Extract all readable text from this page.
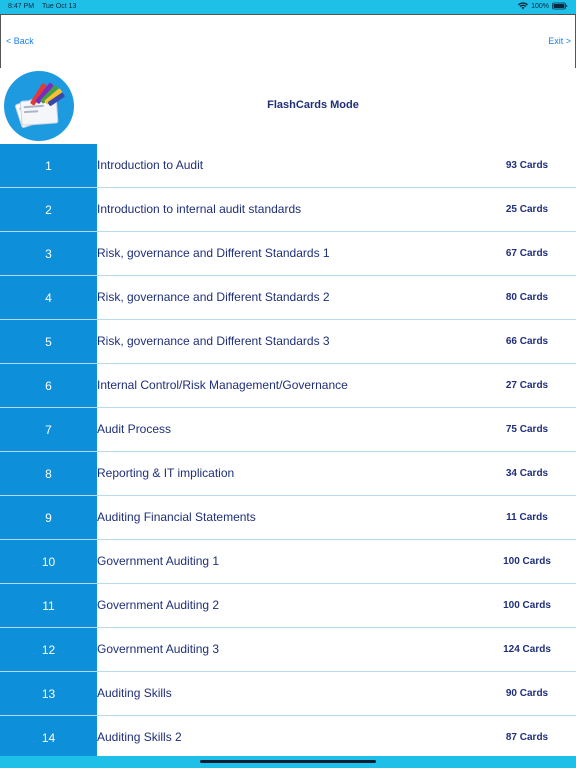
8:47 PM Tue Oct 13	100%
< Back	Exit >
FlashCards Mode
1	Introduction to Audit	93 Cards
2	Introduction to internal audit standards	25 Cards
3	Risk, governance and Different Standards 1	67 Cards
4	Risk, governance and Different Standards 2	80 Cards
5	Risk, governance and Different Standards 3	66 Cards
6	Internal Control/Risk Management/Governance	27 Cards
7	Audit Process	75 Cards
8	Reporting & IT implication	34 Cards
9	Auditing Financial Statements	11 Cards
10	Government Auditing 1	100 Cards
11	Government Auditing 2	100 Cards
12	Government Auditing 3	124 Cards
13	Auditing Skills	90 Cards
14	Auditing Skills 2	87 Cards
